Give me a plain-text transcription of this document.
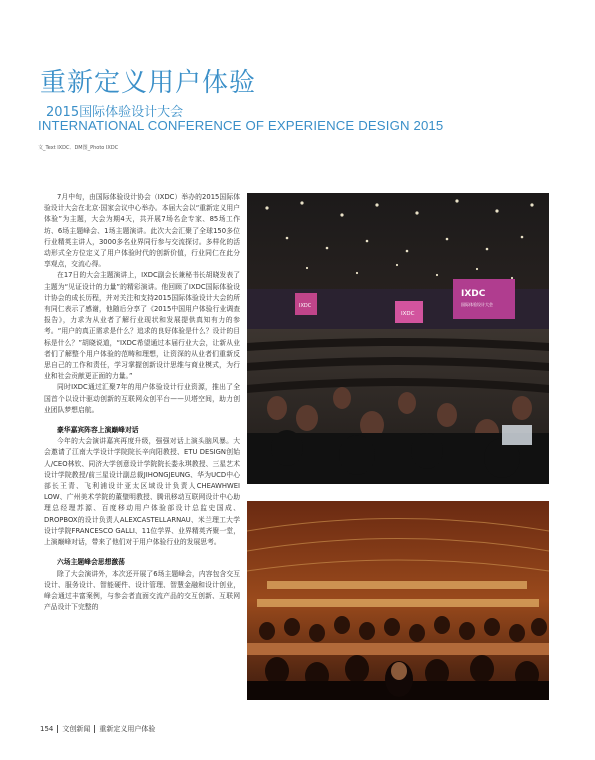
重新定义用户体验
2015国际体验设计大会
INTERNATIONAL CONFERENCE OF EXPERIENCE DESIGN 2015
文_Text IXDC．DM图_Photo IXDC

7月中旬，由国际体验设计协会（IXDC）举办的2015国际体验设计大会在北京·国家会议中心举办。本届大会以“重新定义用户体验”为主题，大会为期4天，共开展7场名企专家、85场工作坊、6场主题峰会、1场主题演讲。此次大会汇聚了全球150多位行业精英主讲人，3000多名业界同行参与交流探讨。多样化的活动形式全方位定义了用户体验时代的创新价值，行业同仁在此分享观点，交流心得。

在17日的大会主题演讲上，IXDC副会长兼秘书长胡晓发表了主题为“见证设计的力量”的精彩演讲。他回顾了IXDC国际体验设计协会的成长历程，并对关注和支持2015国际体验设计大会的所有同仁表示了感谢，他随后分享了《2015中国用户体验行业调查报告》，力求为从业者了解行业现状和发展提供真知有力的参考。“用户的真正需求是什么？追求的良好体验是什么？设计的目标是什么？”胡晓说道，“IXDC希望通过本届行业大会，让新从业者们了解整个用户体验的范畴和理想，让资深的从业者们重新反思自己的工作和责任，学习掌握创新设计思维与商业模式，为行业和社会贡献更正面的力量。”

同时IXDC通过汇聚7年的用户体验设计行业资源，推出了全国首个以设计驱动创新的互联网众创平台——贝塔空间，助力创业团队梦想启航。

豪华嘉宾阵容上演巅峰对话

今年的大会演讲嘉宾再度升级，强强对话上演头脑风暴。大会邀请了江南大学设计学院院长辛向阳教授、ETU DESIGN创始人/CEO林钦、同济大学创意设计学院院长娄永琪教授、三星艺术设计学院教授/前三星设计副总裁JIHONGJEUNG、华为UCD中心部长王青、飞利浦设计亚太区域设计负责人CHEAWHWEI LOW、广州美术学院的董璧明教授、腾讯移动互联网设计中心助理总经理苏源、百度移动用户体验部设计总监史国成、DROPBOX的设计负责人ALEXCASTELLARNAU、米兰理工大学设计学院FRANCESCO GALLI、11位学界、业界精英齐聚一堂，上演巅峰对话，带来了他们对于用户体验行业的发展思考。

六场主题峰会思想激荡

除了大会演讲外，本次还开展了6场主题峰会，内容包含交互设计、服务设计、智能硬件、设计管理、智慧金融和设计创业，峰会通过丰富案例，与参会者直面交流产品的交互创新、互联网产品设计下完整的

IXDC
IXDC
IXDC
国际体验设计大会
154 文创新闻 重新定义用户体验
